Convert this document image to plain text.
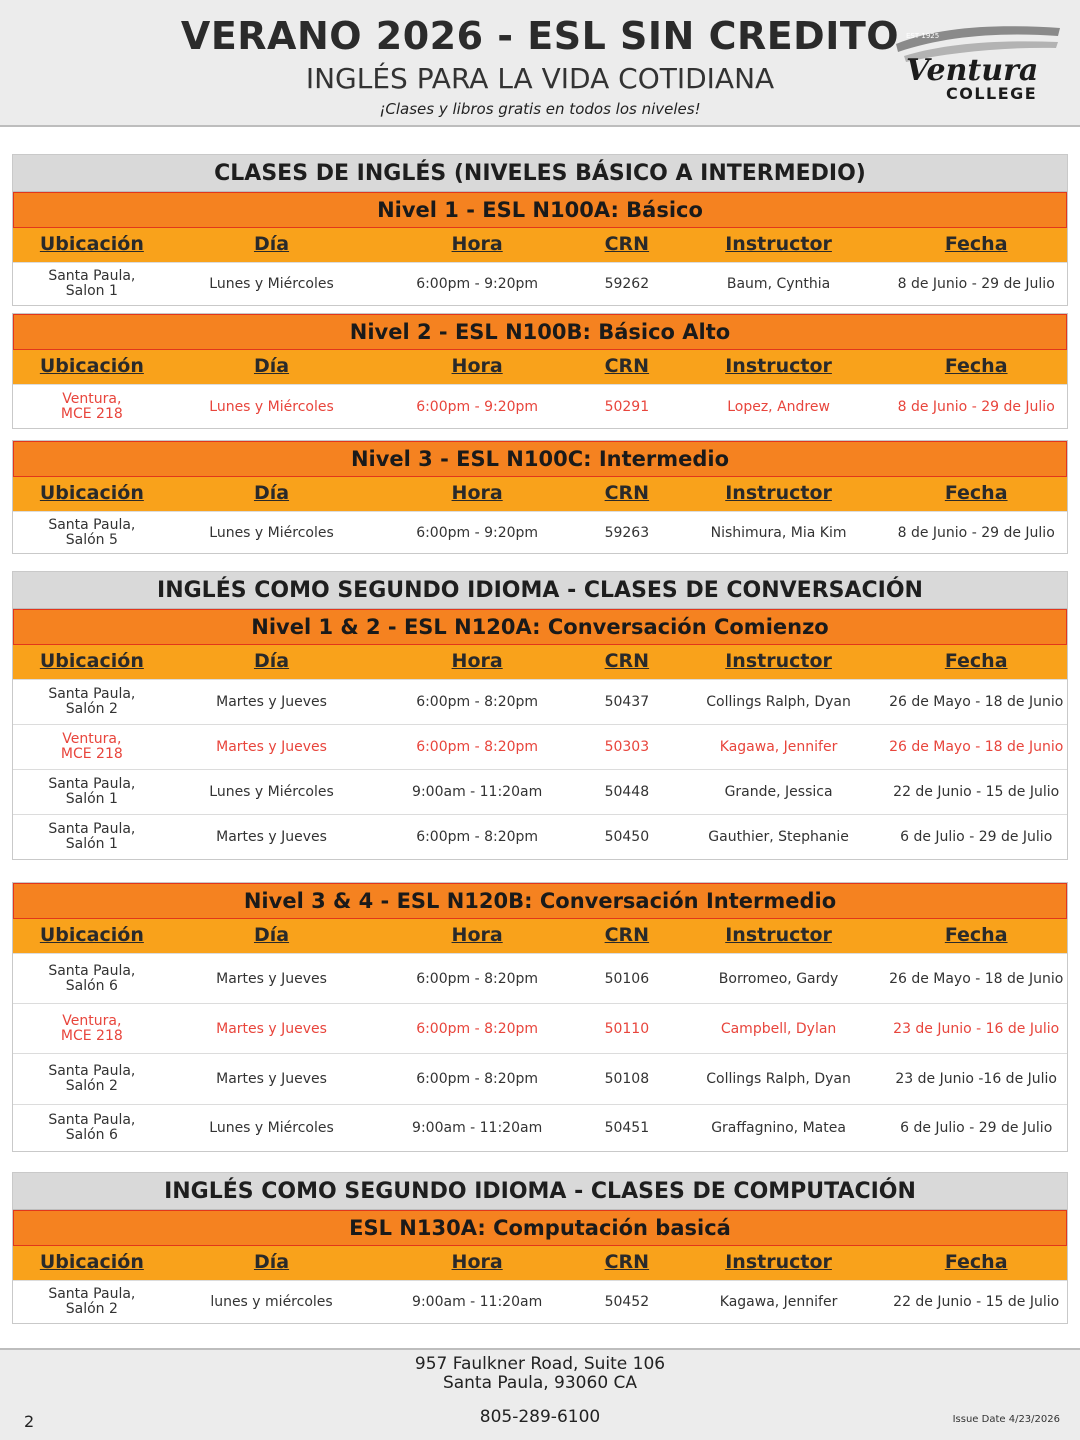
VERANO 2026 - ESL SIN CREDITO
INGLÉS PARA LA VIDA COTIDIANA
¡Clases y libros gratis en todos los niveles!
EST 1925
Ventura
COLLEGE
CLASES DE INGLÉS (NIVELES BÁSICO A INTERMEDIO)
Nivel 1 - ESL N100A: Básico
Ubicación	Día	Hora	CRN	Instructor	Fecha
Santa Paula,
Salon 1	Lunes y Miércoles	6:00pm - 9:20pm	59262	Baum, Cynthia	8 de Junio - 29 de Julio
Nivel 2 - ESL N100B: Básico Alto
Ubicación	Día	Hora	CRN	Instructor	Fecha
Ventura,
MCE 218	Lunes y Miércoles	6:00pm - 9:20pm	50291	Lopez, Andrew	8 de Junio - 29 de Julio
Nivel 3 - ESL N100C: Intermedio
Ubicación	Día	Hora	CRN	Instructor	Fecha
Santa Paula,
Salón 5	Lunes y Miércoles	6:00pm - 9:20pm	59263	Nishimura, Mia Kim	8 de Junio - 29 de Julio
INGLÉS COMO SEGUNDO IDIOMA - CLASES DE CONVERSACIÓN
Nivel 1 & 2 - ESL N120A: Conversación Comienzo
Ubicación	Día	Hora	CRN	Instructor	Fecha
Santa Paula,
Salón 2	Martes y Jueves	6:00pm - 8:20pm	50437	Collings Ralph, Dyan	26 de Mayo - 18 de Junio
Ventura,
MCE 218	Martes y Jueves	6:00pm - 8:20pm	50303	Kagawa, Jennifer	26 de Mayo - 18 de Junio
Santa Paula,
Salón 1	Lunes y Miércoles	9:00am - 11:20am	50448	Grande, Jessica	22 de Junio - 15 de Julio
Santa Paula,
Salón 1	Martes y Jueves	6:00pm - 8:20pm	50450	Gauthier, Stephanie	6 de Julio - 29 de Julio
Nivel 3 & 4 - ESL N120B: Conversación Intermedio
Ubicación	Día	Hora	CRN	Instructor	Fecha
Santa Paula,
Salón 6	Martes y Jueves	6:00pm - 8:20pm	50106	Borromeo, Gardy	26 de Mayo - 18 de Junio
Ventura,
MCE 218	Martes y Jueves	6:00pm - 8:20pm	50110	Campbell, Dylan	23 de Junio - 16 de Julio
Santa Paula,
Salón 2	Martes y Jueves	6:00pm - 8:20pm	50108	Collings Ralph, Dyan	23 de Junio -16 de Julio
Santa Paula,
Salón 6	Lunes y Miércoles	9:00am - 11:20am	50451	Graffagnino, Matea	6 de Julio - 29 de Julio
INGLÉS COMO SEGUNDO IDIOMA - CLASES DE COMPUTACIÓN
ESL N130A: Computación basicá
Ubicación	Día	Hora	CRN	Instructor	Fecha
Santa Paula,
Salón 2	lunes y miércoles	9:00am - 11:20am	50452	Kagawa, Jennifer	22 de Junio - 15 de Julio
957 Faulkner Road, Suite 106
Santa Paula, 93060 CA
805-289-6100
2	Issue Date 4/23/2026
